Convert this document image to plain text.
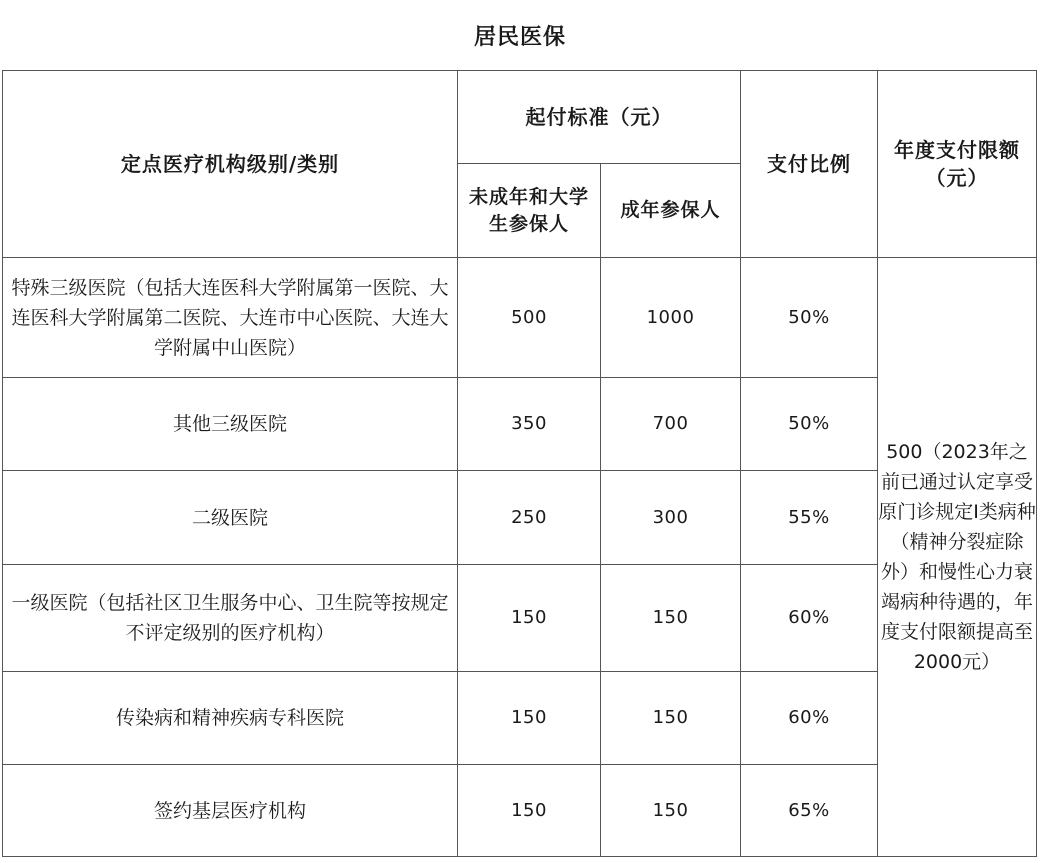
居民医保
定点医疗机构级别/类别	起付标准（元）		支付比例	年度支付限额（元）
	未成年和大学生参保人	成年参保人		
特殊三级医院（包括大连医科大学附属第一医院、大连医科大学附属第二医院、大连市中心医院、大连大学附属中山医院）	500	1000	50%	500（2023年之前已通过认定享受原门诊规定Ⅰ类病种（精神分裂症除外）和慢性心力衰竭病种待遇的，年度支付限额提高至2000元）
其他三级医院	350	700	50%	
二级医院	250	300	55%	
一级医院（包括社区卫生服务中心、卫生院等按规定不评定级别的医疗机构）	150	150	60%	
传染病和精神疾病专科医院	150	150	60%	
签约基层医疗机构	150	150	65%	
